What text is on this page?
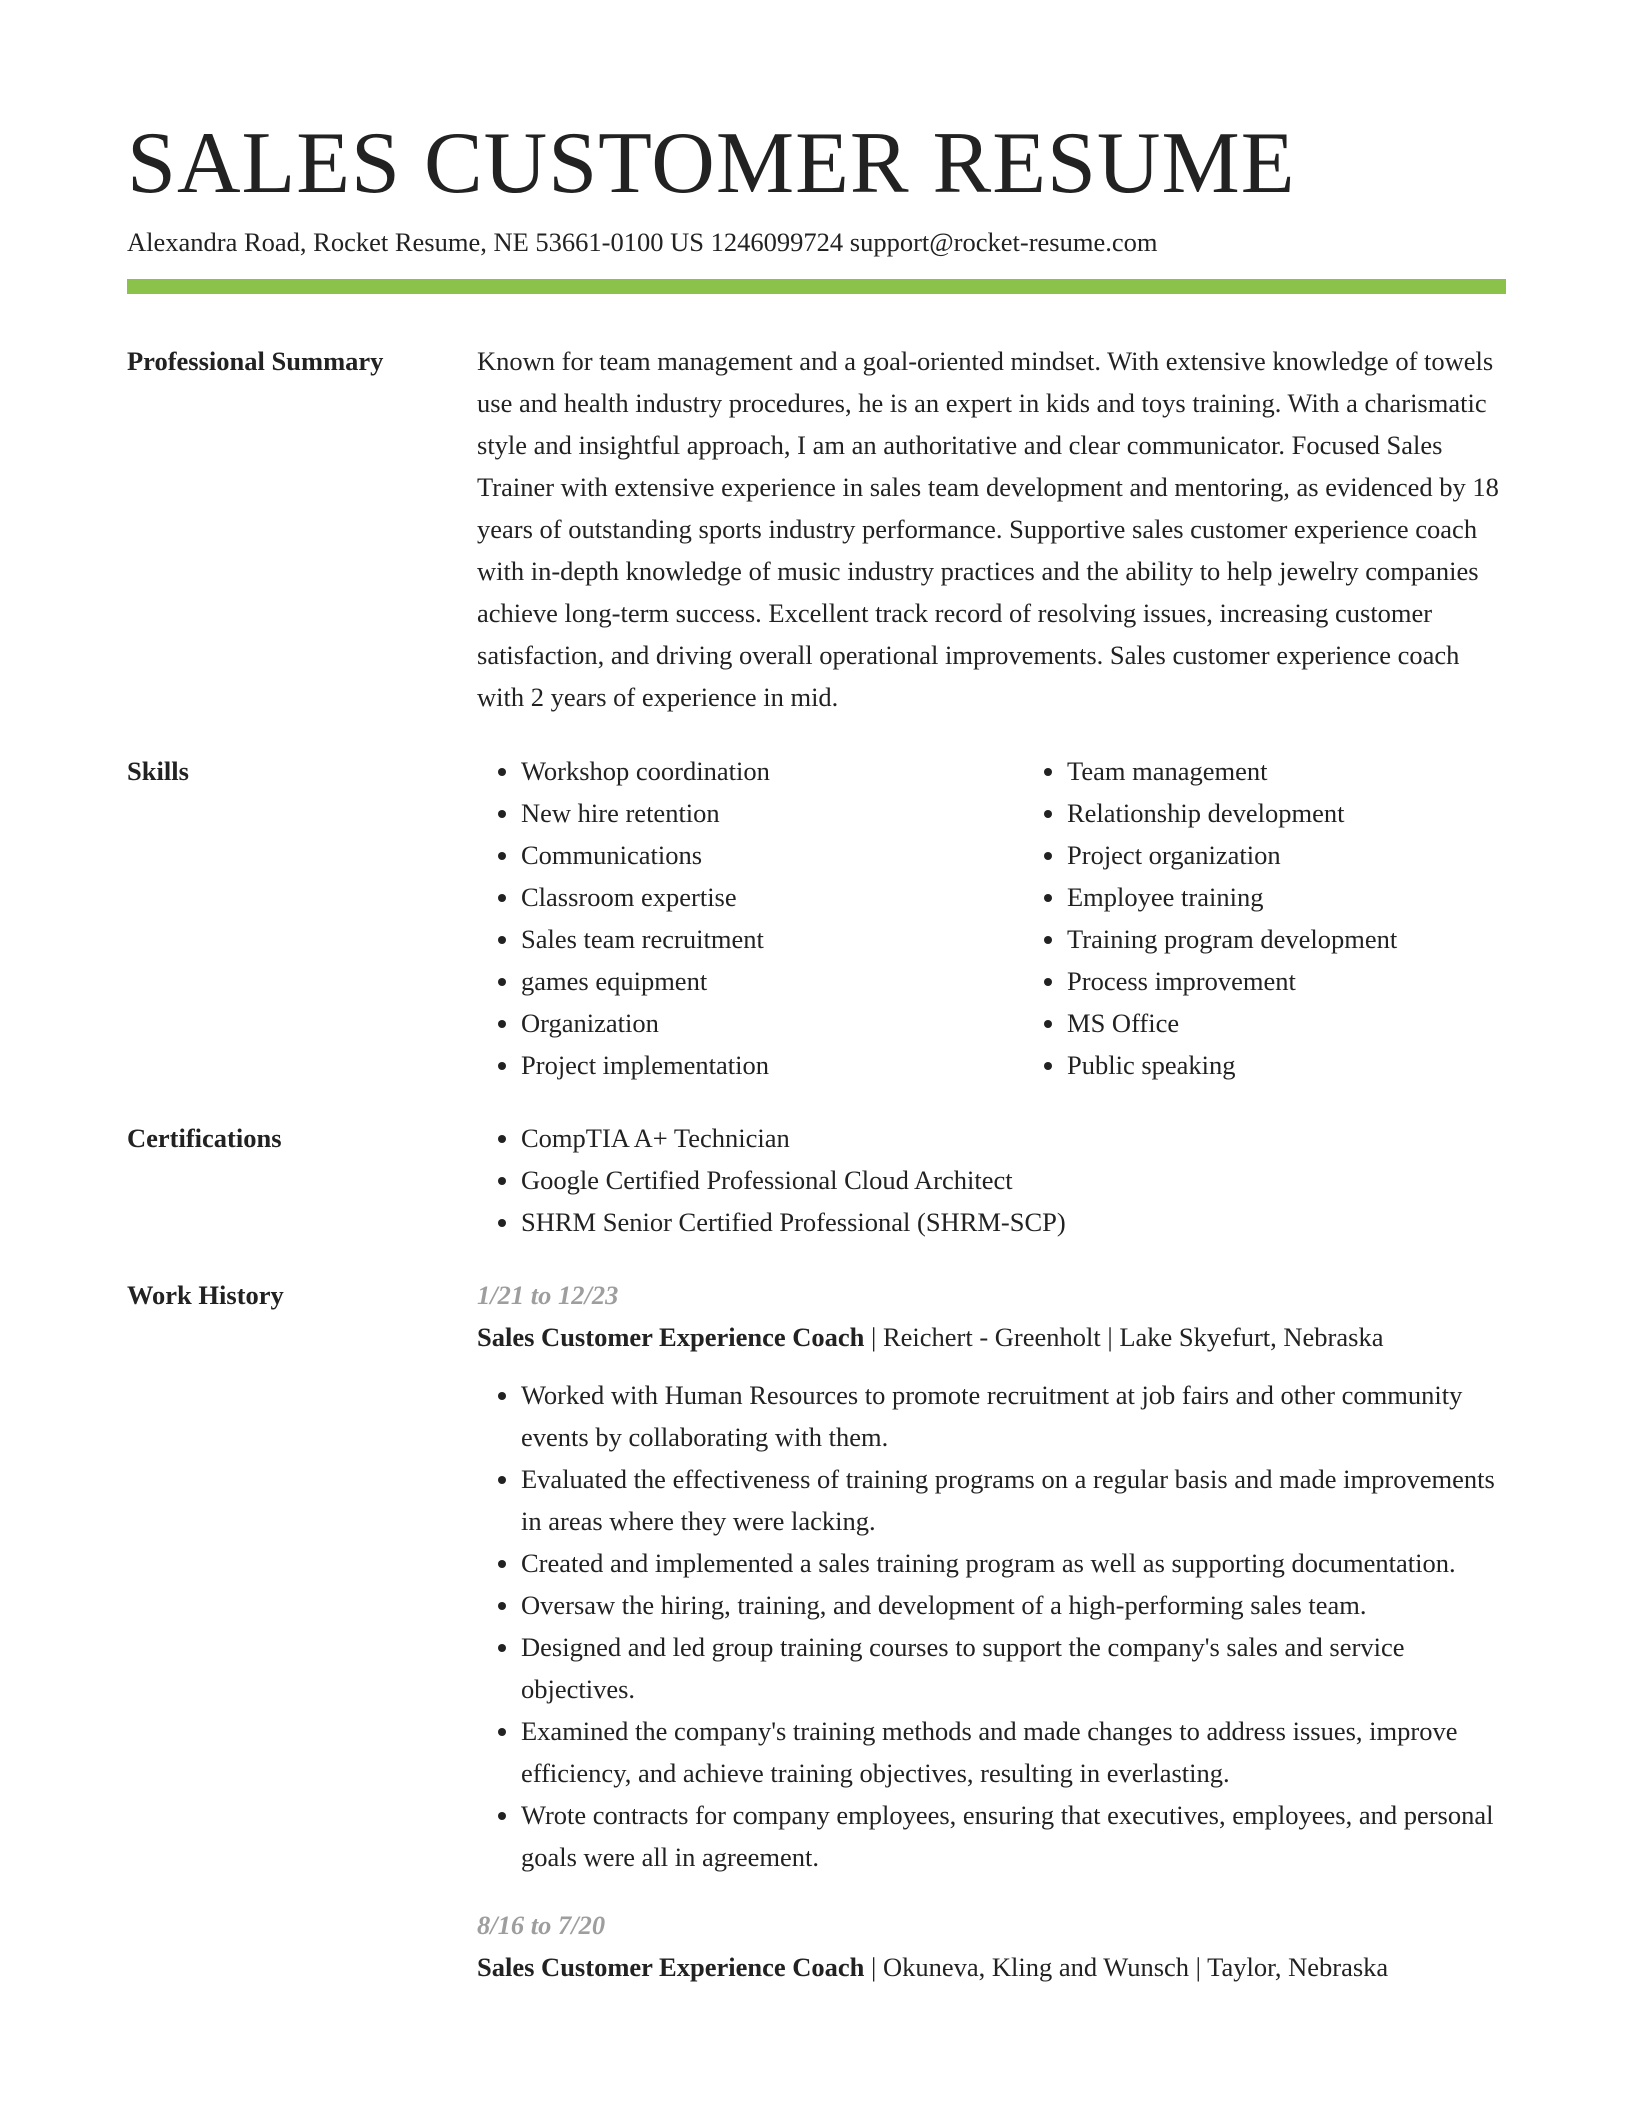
SALES CUSTOMER RESUME
Alexandra Road, Rocket Resume, NE 53661-0100 US 1246099724 support@rocket-resume.com
Professional Summary	Known for team management and a goal-oriented mindset. With extensive knowledge of towels use and health industry procedures, he is an expert in kids and toys training. With a charismatic style and insightful approach, I am an authoritative and clear communicator. Focused Sales Trainer with extensive experience in sales team development and mentoring, as evidenced by 18 years of outstanding sports industry performance. Supportive sales customer experience coach with in-depth knowledge of music industry practices and the ability to help jewelry companies achieve long-term success. Excellent track record of resolving issues, increasing customer satisfaction, and driving overall operational improvements. Sales customer experience coach with 2 years of experience in mid.

Skills	• Workshop coordination
• New hire retention
• Communications
• Classroom expertise
• Sales team recruitment
• games equipment
• Organization
• Project implementation
• Team management
• Relationship development
• Project organization
• Employee training
• Training program development
• Process improvement
• MS Office
• Public speaking
Certifications	• CompTIA A+ Technician
• Google Certified Professional Cloud Architect
• SHRM Senior Certified Professional (SHRM-SCP)
Work History	1/21 to 12/23
Sales Customer Experience Coach | Reichert - Greenholt | Lake Skyefurt, Nebraska
• Worked with Human Resources to promote recruitment at job fairs and other community events by collaborating with them.
• Evaluated the effectiveness of training programs on a regular basis and made improvements in areas where they were lacking.
• Created and implemented a sales training program as well as supporting documentation.
• Oversaw the hiring, training, and development of a high-performing sales team.
• Designed and led group training courses to support the company's sales and service objectives.
• Examined the company's training methods and made changes to address issues, improve efficiency, and achieve training objectives, resulting in everlasting.
• Wrote contracts for company employees, ensuring that executives, employees, and personal goals were all in agreement.
8/16 to 7/20
Sales Customer Experience Coach | Okuneva, Kling and Wunsch | Taylor, Nebraska
